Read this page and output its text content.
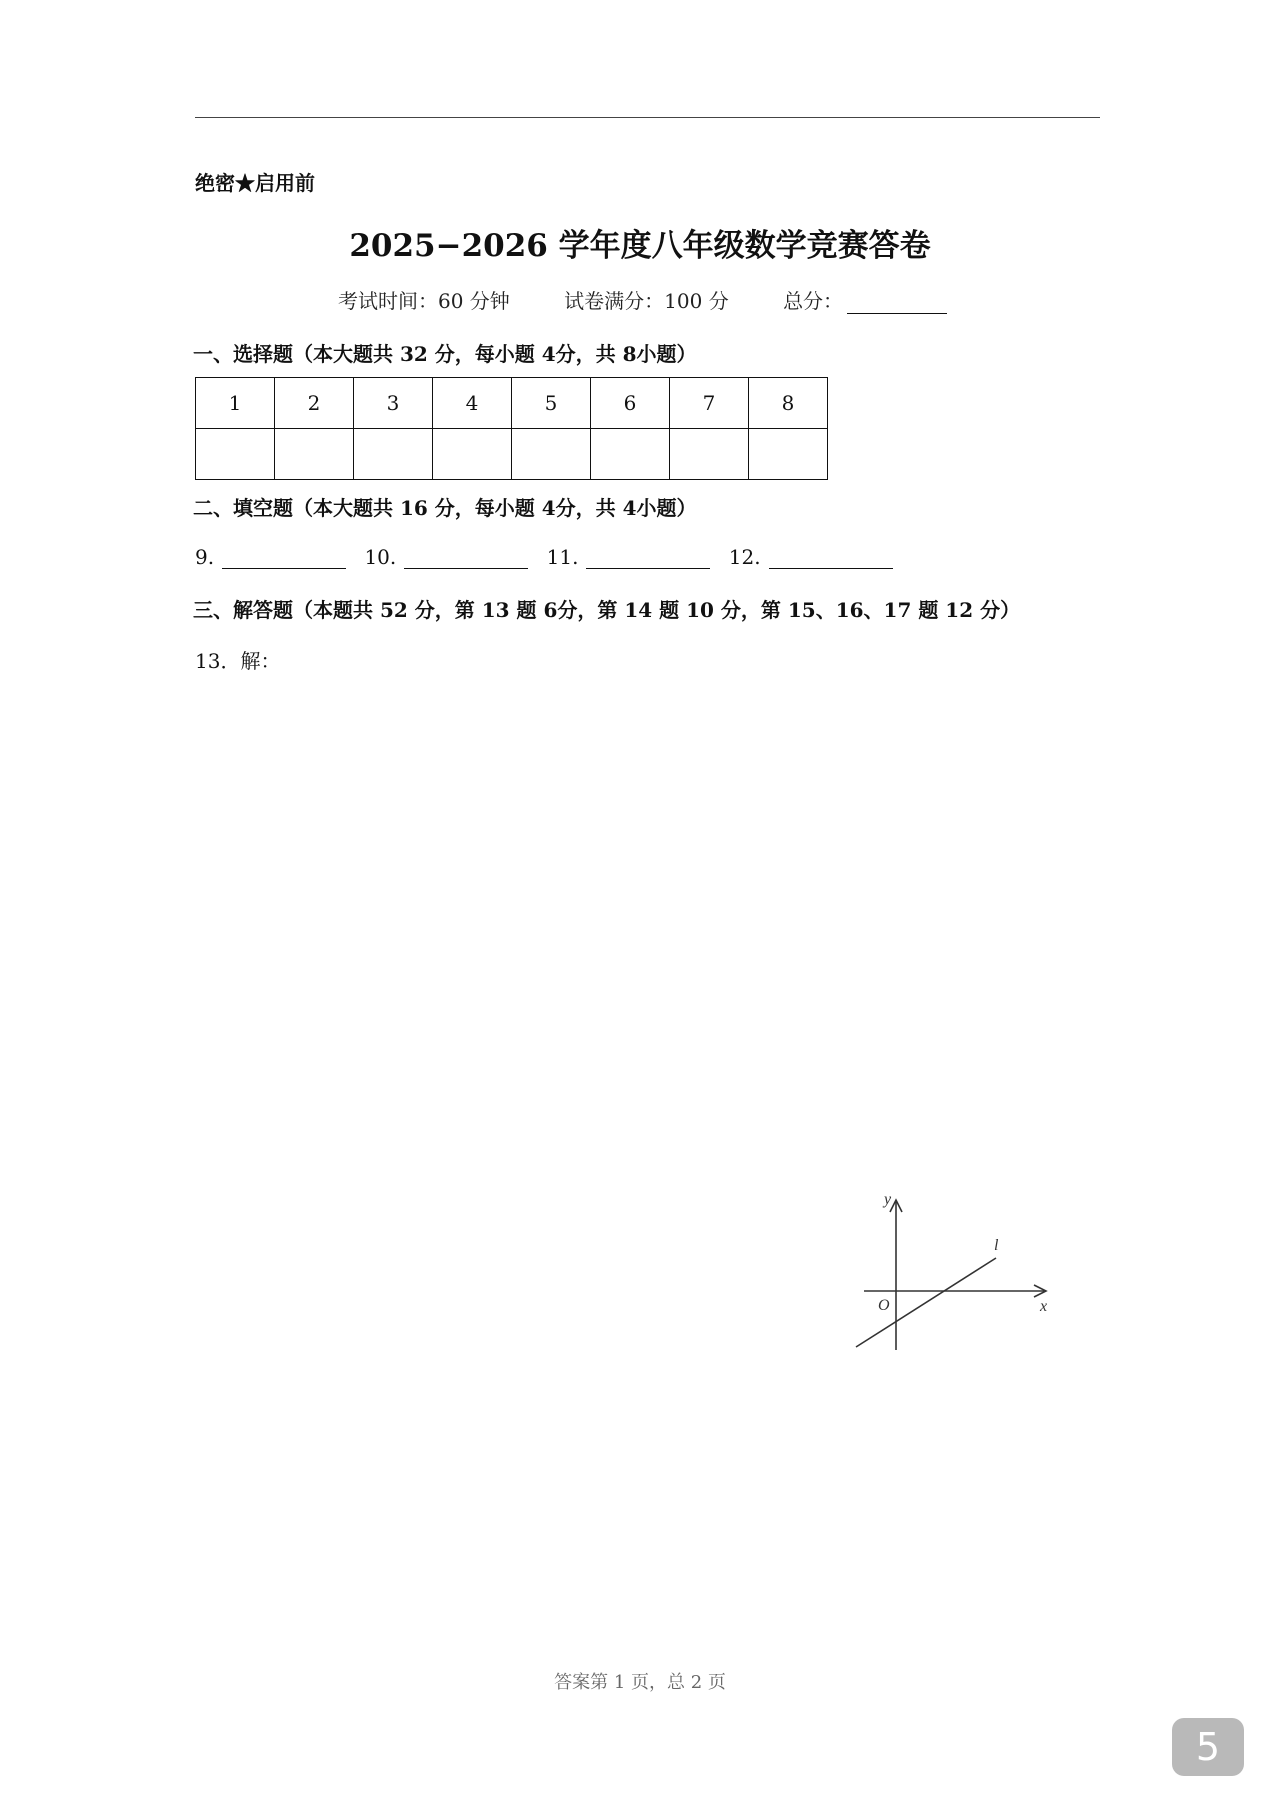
绝密★启用前
2025−2026 学年度八年级数学竞赛答卷
考试时间：60 分钟	试卷满分：100 分	总分：
一、选择题（本大题共 32 分，每小题 4分，共 8小题）
1	2	3	4	5	6	7	8

二、填空题（本大题共 16 分，每小题 4分，共 4小题）
9.	10.	11.	12.
三、解答题（本题共 52 分，第 13 题 6分，第 14 题 10 分，第 15、16、17 题 12 分）
13．解：
y
x
O
l
答案第 1 页，总 2 页
5
